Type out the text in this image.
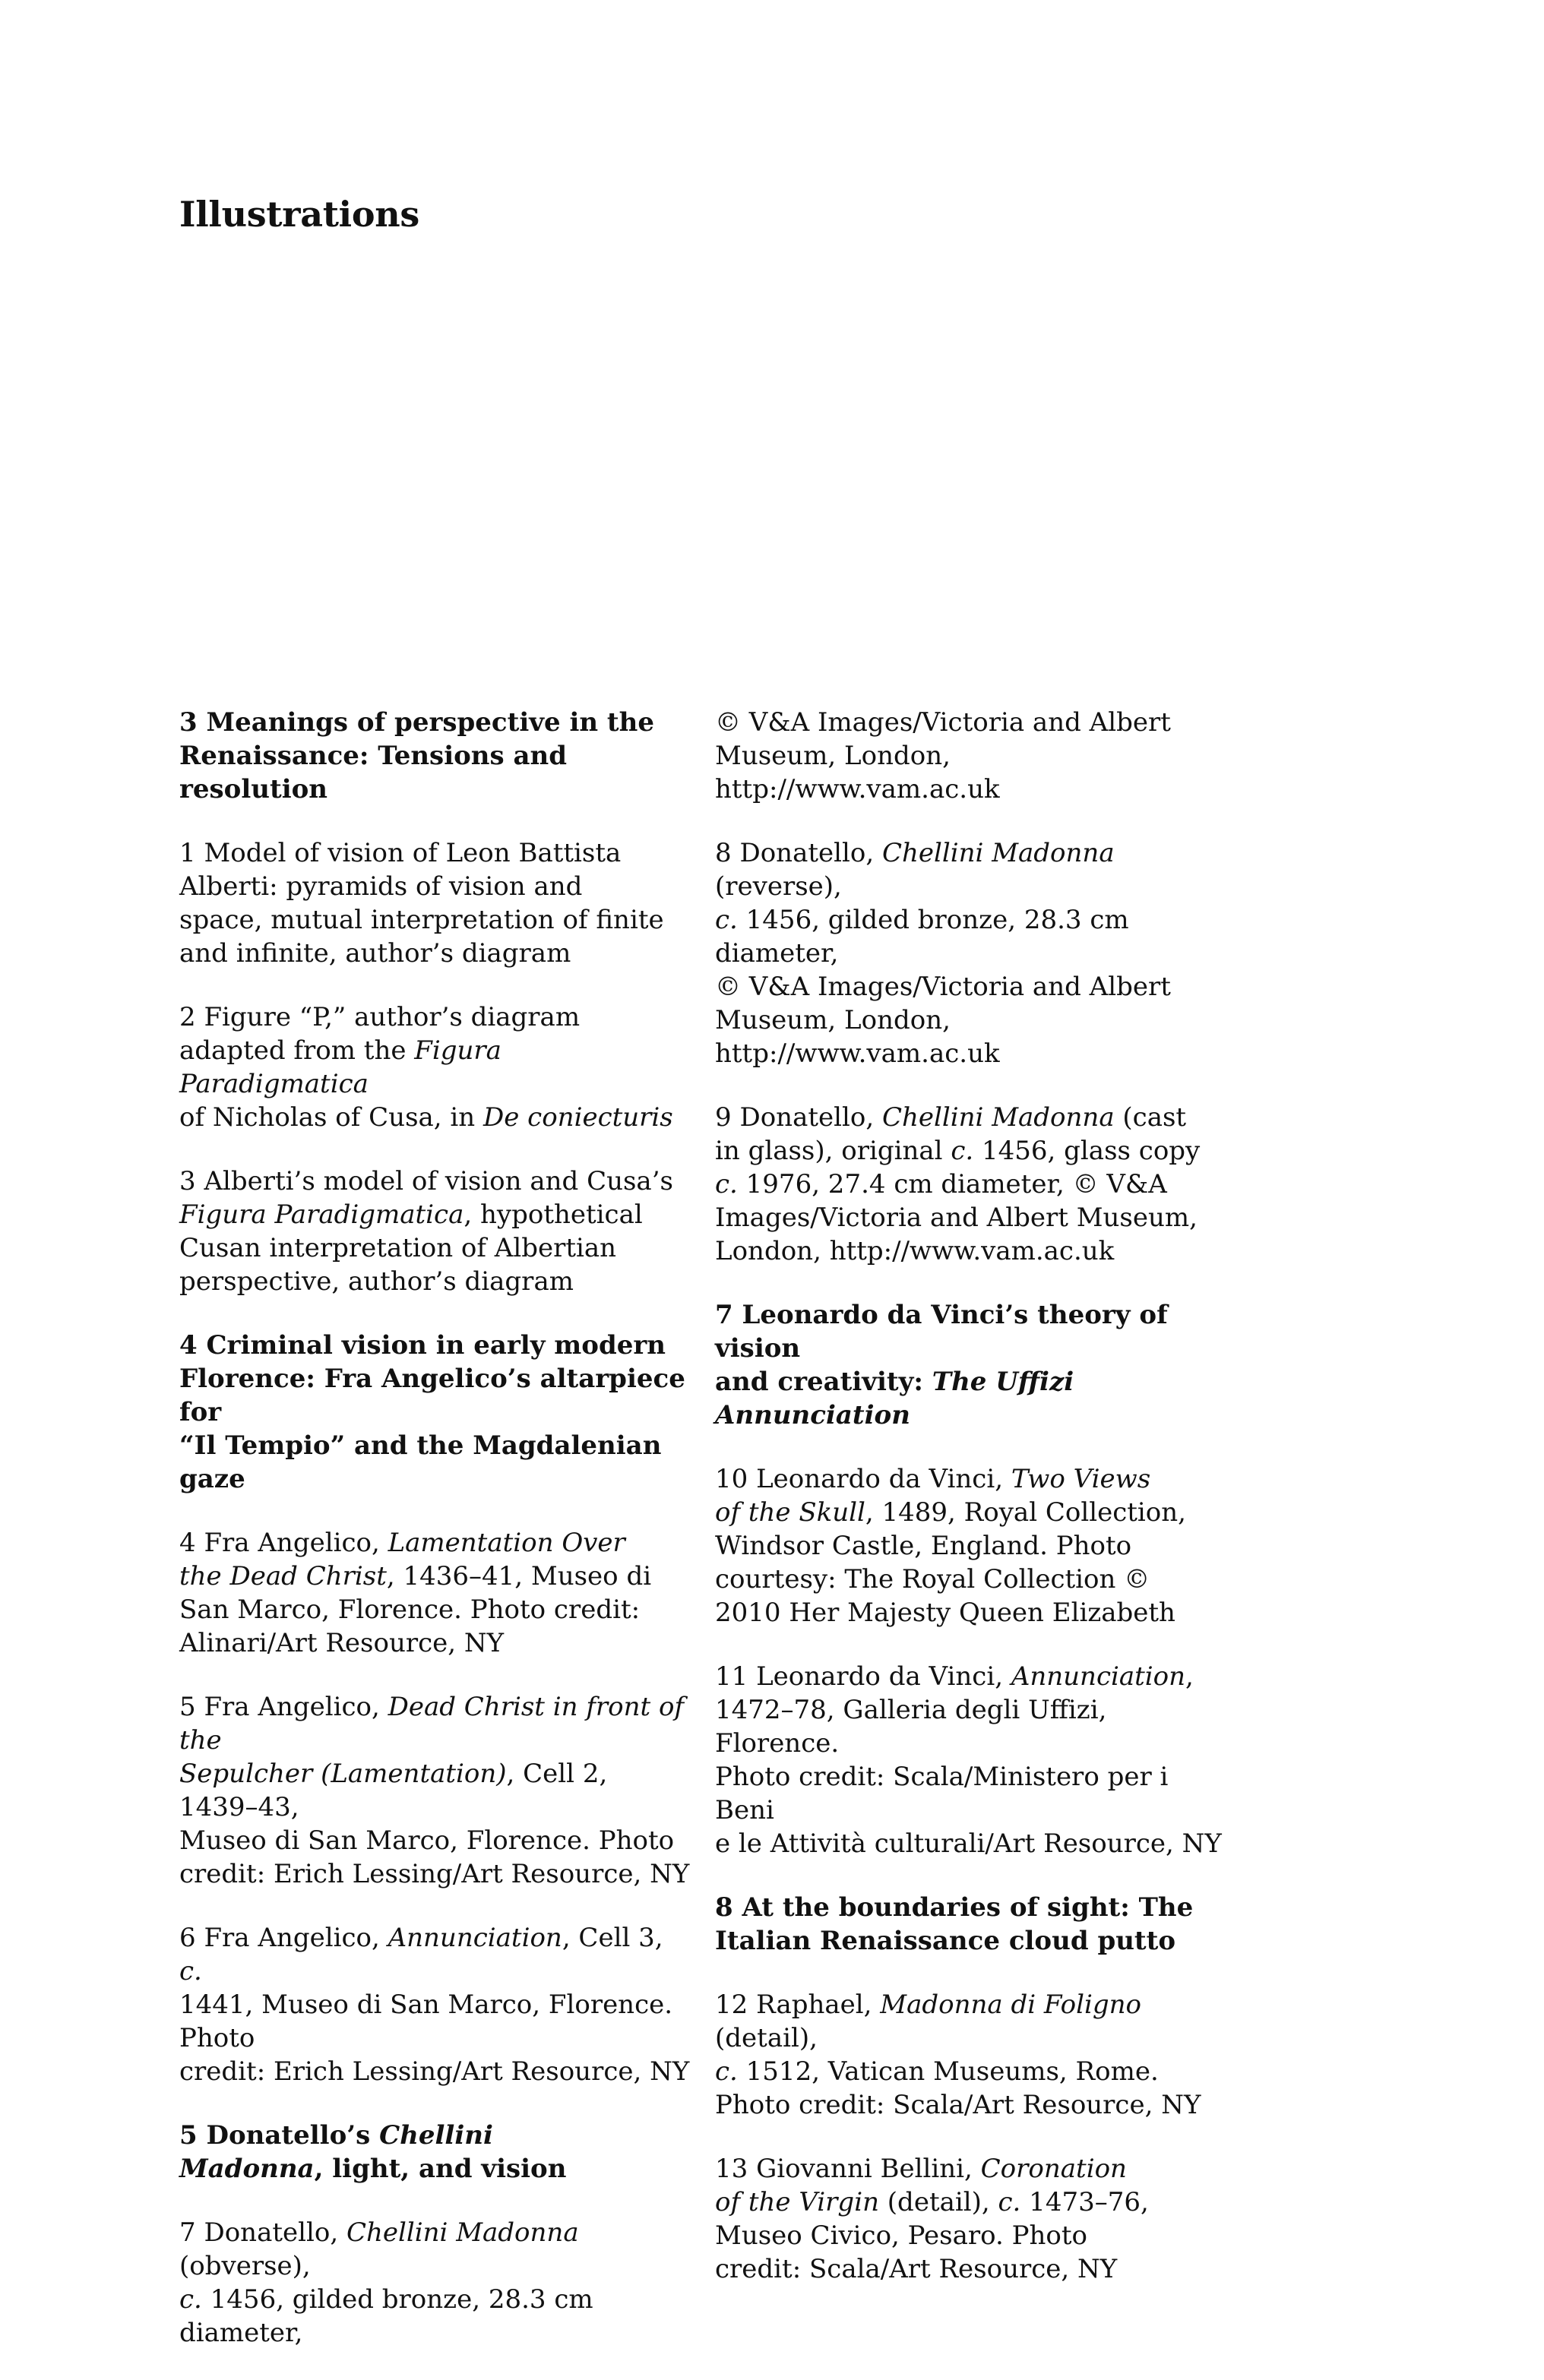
Illustrations
3 Meanings of perspective in the
Renaissance: Tensions and resolution
1 Model of vision of Leon Battista
Alberti: pyramids of vision and
space, mutual interpretation of finite
and infinite, author’s diagram
2 Figure “P,” author’s diagram
adapted from the Figura Paradigmatica
of Nicholas of Cusa, in De coniecturis
3 Alberti’s model of vision and Cusa’s
Figura Paradigmatica, hypothetical
Cusan interpretation of Albertian
perspective, author’s diagram
4 Criminal vision in early modern
Florence: Fra Angelico’s altarpiece for
“Il Tempio” and the Magdalenian gaze
4 Fra Angelico, Lamentation Over
the Dead Christ, 1436–41, Museo di
San Marco, Florence. Photo credit:
Alinari/Art Resource, NY
5 Fra Angelico, Dead Christ in front of the
Sepulcher (Lamentation), Cell 2, 1439–43,
Museo di San Marco, Florence. Photo
credit: Erich Lessing/Art Resource, NY
6 Fra Angelico, Annunciation, Cell 3, c.
1441, Museo di San Marco, Florence. Photo
credit: Erich Lessing/Art Resource, NY
5 Donatello’s Chellini
Madonna, light, and vision
7 Donatello, Chellini Madonna (obverse),
c. 1456, gilded bronze, 28.3 cm diameter,
© V&A Images/Victoria and Albert
Museum, London, http://www.vam.ac.uk
8 Donatello, Chellini Madonna (reverse),
c. 1456, gilded bronze, 28.3 cm diameter,
© V&A Images/Victoria and Albert
Museum, London, http://www.vam.ac.uk
9 Donatello, Chellini Madonna (cast
in glass), original c. 1456, glass copy
c. 1976, 27.4 cm diameter, © V&A
Images/Victoria and Albert Museum,
London, http://www.vam.ac.uk
7 Leonardo da Vinci’s theory of vision
and creativity: The Uffizi Annunciation
10 Leonardo da Vinci, Two Views
of the Skull, 1489, Royal Collection,
Windsor Castle, England. Photo
courtesy: The Royal Collection ©
2010 Her Majesty Queen Elizabeth
11 Leonardo da Vinci, Annunciation,
1472–78, Galleria degli Uffizi, Florence.
Photo credit: Scala/Ministero per i Beni
e le Attività culturali/Art Resource, NY
8 At the boundaries of sight: The
Italian Renaissance cloud putto
12 Raphael, Madonna di Foligno (detail),
c. 1512, Vatican Museums, Rome.
Photo credit: Scala/Art Resource, NY
13 Giovanni Bellini, Coronation
of the Virgin (detail), c. 1473–76,
Museo Civico, Pesaro. Photo
credit: Scala/Art Resource, NY
